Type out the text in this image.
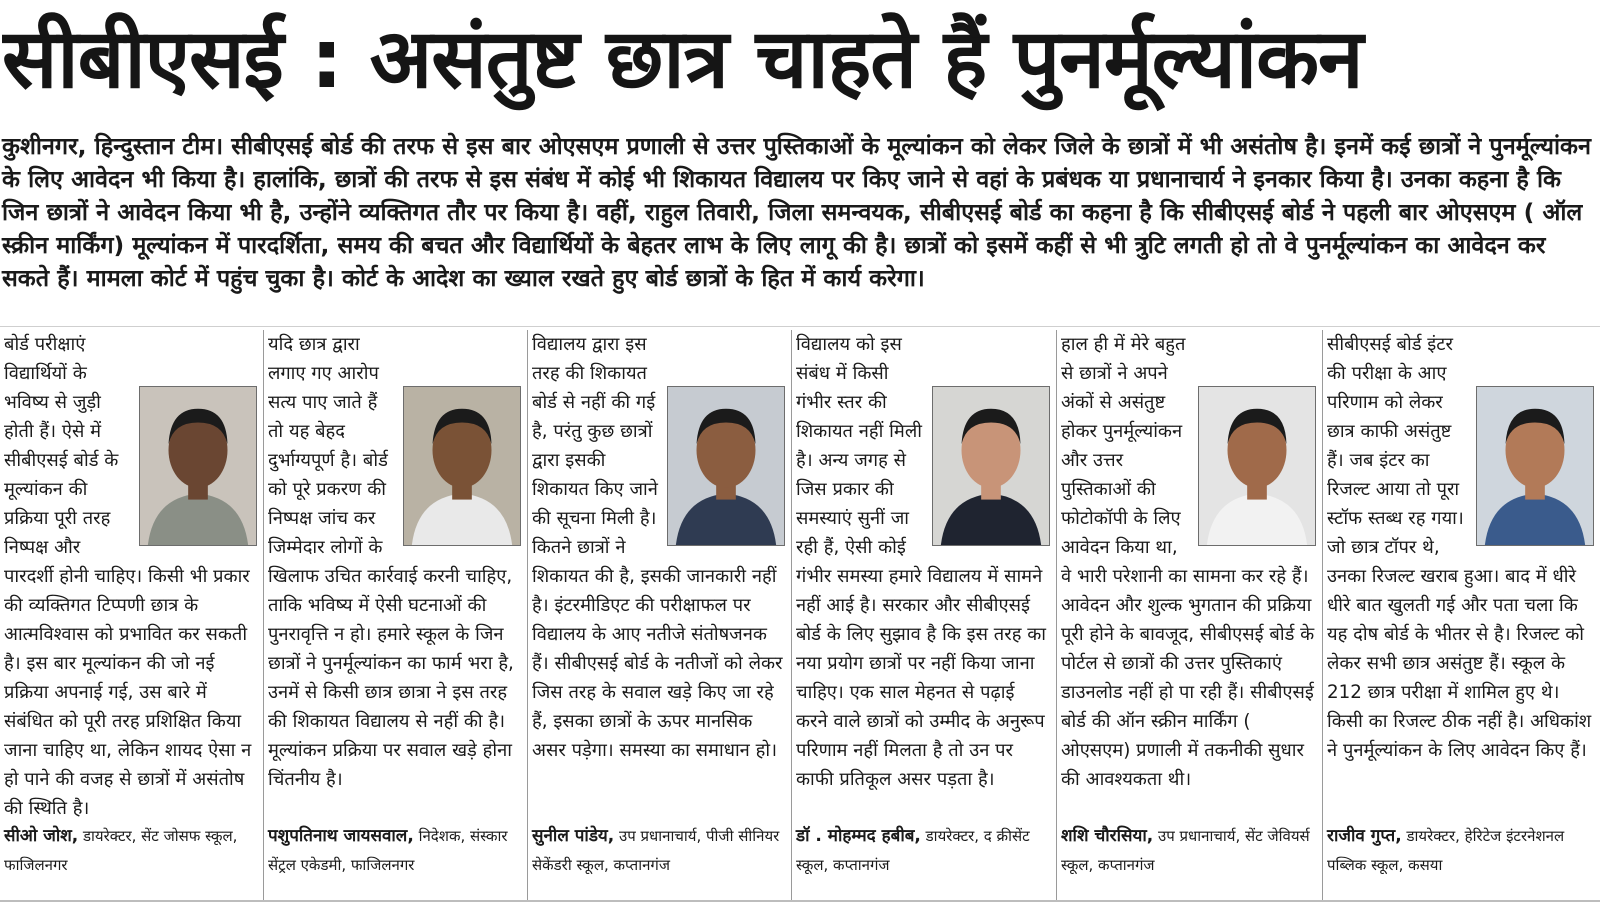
सीबीएसई : असंतुष्ट छात्र चाहते हैं पुनर्मूल्यांकन
कुशीनगर, हिन्दुस्तान टीम। सीबीएसई बोर्ड की तरफ से इस बार ओएसएम प्रणाली से उत्तर पुस्तिकाओं के मूल्यांकन को लेकर जिले के छात्रों में भी असंतोष है। इनमें कई छात्रों ने पुनर्मूल्यांकन के लिए आवेदन भी किया है। हालांकि, छात्रों की तरफ से इस संबंध में कोई भी शिकायत विद्यालय पर किए जाने से वहां के प्रबंधक या प्रधानाचार्य ने इनकार किया है। उनका कहना है कि जिन छात्रों ने आवेदन किया भी है, उन्होंने व्यक्तिगत तौर पर किया है। वहीं, राहुल तिवारी, जिला समन्वयक, सीबीएसई बोर्ड का कहना है कि सीबीएसई बोर्ड ने पहली बार ओएसएम ( ऑल स्क्रीन मार्किंग) मूल्यांकन में पारदर्शिता, समय की बचत और विद्यार्थियों के बेहतर लाभ के लिए लागू की है। छात्रों को इसमें कहीं से भी त्रुटि लगती हो तो वे पुनर्मूल्यांकन का आवेदन कर सकते हैं। मामला कोर्ट में पहुंच चुका है। कोर्ट के आदेश का ख्याल रखते हुए बोर्ड छात्रों के हित में कार्य करेगा।
बोर्ड परीक्षाएं विद्यार्थियों के भविष्य से जुड़ी होती हैं। ऐसे में सीबीएसई बोर्ड के मूल्यांकन की प्रक्रिया पूरी तरह निष्पक्ष और पारदर्शी होनी चाहिए। किसी भी प्रकार की व्यक्तिगत टिप्पणी छात्र के आत्मविश्वास को प्रभावित कर सकती है। इस बार मूल्यांकन की जो नई प्रक्रिया अपनाई गई, उस बारे में संबंधित को पूरी तरह प्रशिक्षित किया जाना चाहिए था, लेकिन शायद ऐसा न हो पाने की वजह से छात्रों में असंतोष की स्थिति है।
सीओ जोश, डायरेक्टर, सेंट जोसफ स्कूल, फाजिलनगर
यदि छात्र द्वारा लगाए गए आरोप सत्य पाए जाते हैं तो यह बेहद दुर्भाग्यपूर्ण है। बोर्ड को पूरे प्रकरण की निष्पक्ष जांच कर जिम्मेदार लोगों के खिलाफ उचित कार्रवाई करनी चाहिए, ताकि भविष्य में ऐसी घटनाओं की पुनरावृत्ति न हो। हमारे स्कूल के जिन छात्रों ने पुनर्मूल्यांकन का फार्म भरा है, उनमें से किसी छात्र छात्रा ने इस तरह की शिकायत विद्यालय से नहीं की है। मूल्यांकन प्रक्रिया पर सवाल खड़े होना चिंतनीय है।
पशुपतिनाथ जायसवाल, निदेशक, संस्कार सेंट्रल एकेडमी, फाजिलनगर
विद्यालय द्वारा इस तरह की शिकायत बोर्ड से नहीं की गई है, परंतु कुछ छात्रों द्वारा इसकी शिकायत किए जाने की सूचना मिली है। कितने छात्रों ने शिकायत की है, इसकी जानकारी नहीं है। इंटरमीडिएट की परीक्षाफल पर विद्यालय के आए नतीजे संतोषजनक हैं। सीबीएसई बोर्ड के नतीजों को लेकर जिस तरह के सवाल खड़े किए जा रहे हैं, इसका छात्रों के ऊपर मानसिक असर पड़ेगा। समस्या का समाधान हो।
सुनील पांडेय, उप प्रधानाचार्य, पीजी सीनियर सेकेंडरी स्कूल, कप्तानगंज
विद्यालय को इस संबंध में किसी गंभीर स्तर की शिकायत नहीं मिली है। अन्य जगह से जिस प्रकार की समस्याएं सुनीं जा रही हैं, ऐसी कोई गंभीर समस्या हमारे विद्यालय में सामने नहीं आई है। सरकार और सीबीएसई बोर्ड के लिए सुझाव है कि इस तरह का नया प्रयोग छात्रों पर नहीं किया जाना चाहिए। एक साल मेहनत से पढ़ाई करने वाले छात्रों को उम्मीद के अनुरूप परिणाम नहीं मिलता है तो उन पर काफी प्रतिकूल असर पड़ता है।
डॉ . मोहम्मद हबीब, डायरेक्टर, द क्रीसेंट स्कूल, कप्तानगंज
हाल ही में मेरे बहुत से छात्रों ने अपने अंकों से असंतुष्ट होकर पुनर्मूल्यांकन और उत्तर पुस्तिकाओं की फोटोकॉपी के लिए आवेदन किया था, वे भारी परेशानी का सामना कर रहे हैं। आवेदन और शुल्क भुगतान की प्रक्रिया पूरी होने के बावजूद, सीबीएसई बोर्ड के पोर्टल से छात्रों की उत्तर पुस्तिकाएं डाउनलोड नहीं हो पा रही हैं। सीबीएसई बोर्ड की ऑन स्क्रीन मार्किंग ( ओएसएम) प्रणाली में तकनीकी सुधार की आवश्यकता थी।
शशि चौरसिया, उप प्रधानाचार्य, सेंट जेवियर्स स्कूल, कप्तानगंज
सीबीएसई बोर्ड इंटर की परीक्षा के आए परिणाम को लेकर छात्र काफी असंतुष्ट हैं। जब इंटर का रिजल्ट आया तो पूरा स्टॉफ स्तब्ध रह गया। जो छात्र टॉपर थे, उनका रिजल्ट खराब हुआ। बाद में धीरे धीरे बात खुलती गई और पता चला कि यह दोष बोर्ड के भीतर से है। रिजल्ट को लेकर सभी छात्र असंतुष्ट हैं। स्कूल के 212 छात्र परीक्षा में शामिल हुए थे। किसी का रिजल्ट ठीक नहीं है। अधिकांश ने पुनर्मूल्यांकन के लिए आवेदन किए हैं।
राजीव गुप्त, डायरेक्टर, हेरिटेज इंटरनेशनल पब्लिक स्कूल, कसया
